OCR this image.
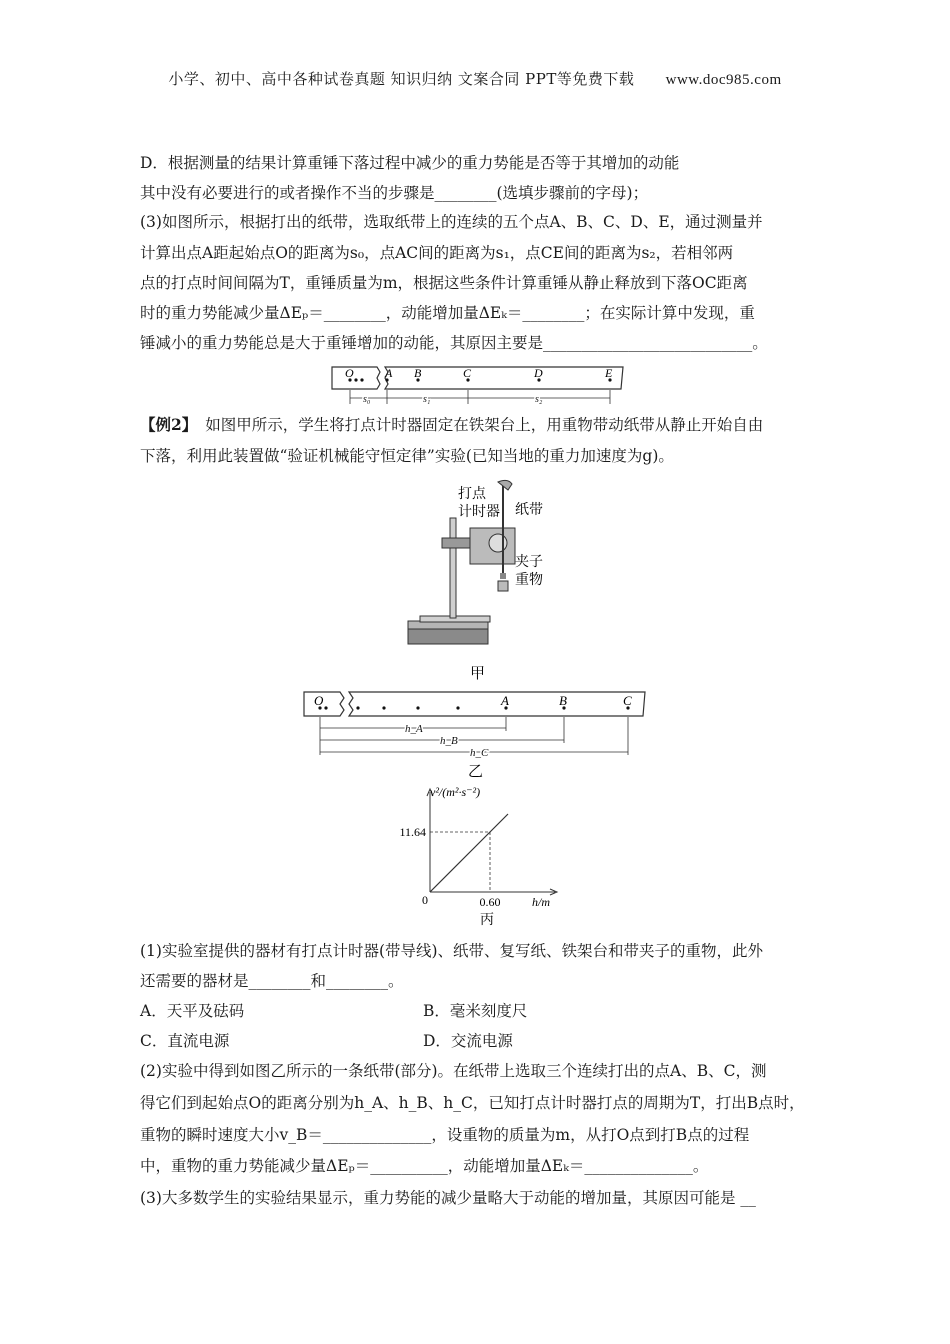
小学、初中、高中各种试卷真题 知识归纳 文案合同 PPT等免费下载 www.doc985.com
D．根据测量的结果计算重锤下落过程中减少的重力势能是否等于其增加的动能
其中没有必要进行的或者操作不当的步骤是________(选填步骤前的字母)；
(3)如图所示，根据打出的纸带，选取纸带上的连续的五个点A、B、C、D、E，通过测量并
计算出点A距起始点O的距离为s₀，点AC间的距离为s₁，点CE间的距离为s₂，若相邻两
点的打点时间间隔为T，重锤质量为m，根据这些条件计算重锤从静止释放到下落OC距离
时的重力势能减少量ΔEₚ＝________，动能增加量ΔEₖ＝________；在实际计算中发现，重
锤减小的重力势能总是大于重锤增加的动能，其原因主要是___________________________。
O	A B	C	D	E
s₀	s₁	s₂
【例2】 如图甲所示，学生将打点计时器固定在铁架台上，用重物带动纸带从静止开始自由
下落，利用此装置做“验证机械能守恒定律”实验(已知当地的重力加速度为g)。
打点
计时器 纸带
夹子
重物
甲
O	A	B	C
h_A
h_B
h_C
乙
v²/(m²·s⁻²)
h/m
0	0.60
11.64
丙
(1)实验室提供的器材有打点计时器(带导线)、纸带、复写纸、铁架台和带夹子的重物，此外
还需要的器材是________和________。
A．天平及砝码	B．毫米刻度尺
C．直流电源	D．交流电源
(2)实验中得到如图乙所示的一条纸带(部分)。在纸带上选取三个连续打出的点A、B、C，测
得它们到起始点O的距离分别为h_A、h_B、h_C，已知打点计时器打点的周期为T，打出B点时，
重物的瞬时速度大小v_B＝______________，设重物的质量为m，从打O点到打B点的过程
中，重物的重力势能减少量ΔEₚ＝__________，动能增加量ΔEₖ＝______________。
(3)大多数学生的实验结果显示，重力势能的减少量略大于动能的增加量，其原因可能是 __
